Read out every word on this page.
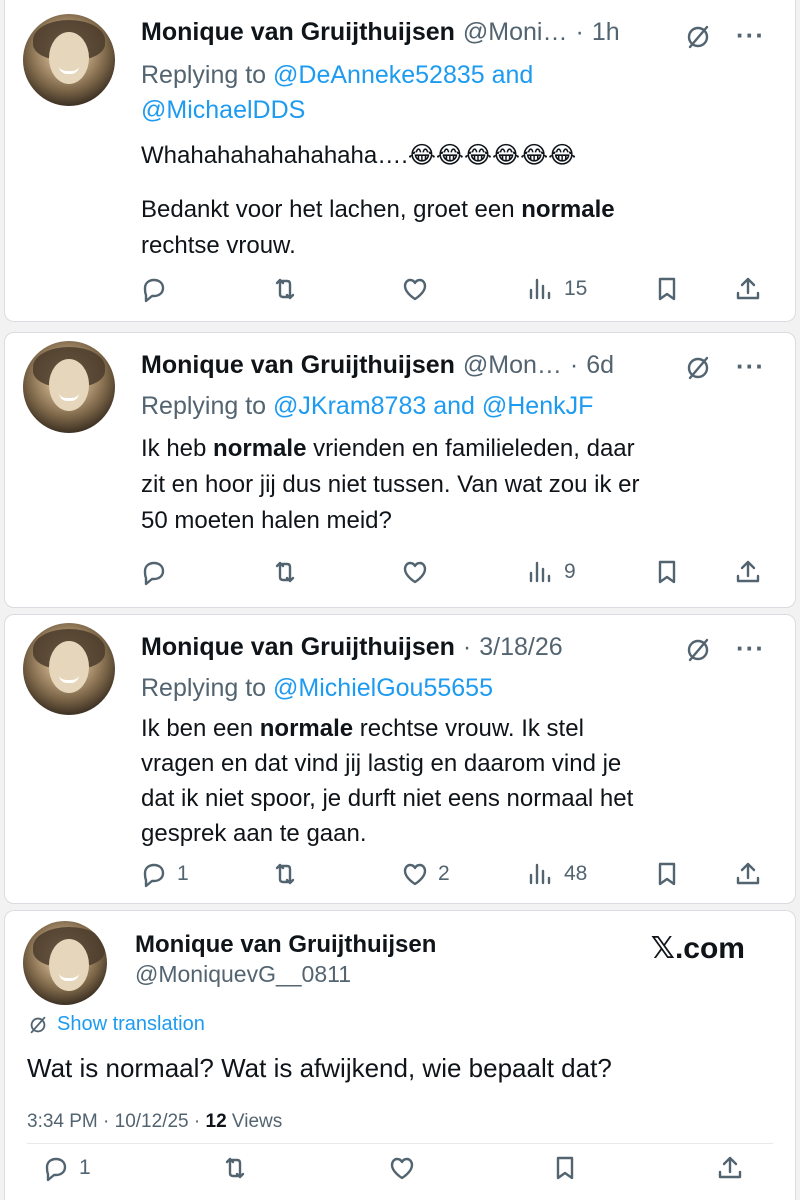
Monique van Gruijthuijsen @Moni… · 1h	···
Replying to @DeAnneke52835 and
@MichaelDDS
Whahahahahahahaha….😂😂😂😂😂😂
Bedankt voor het lachen, groet een normale
rechtse vrouw.
15
Monique van Gruijthuijsen @Mon… · 6d	···
Replying to @JKram8783 and @HenkJF
Ik heb normale vrienden en familieleden, daar
zit en hoor jij dus niet tussen. Van wat zou ik er
50 moeten halen meid?
9
Monique van Gruijthuijsen · 3/18/26	···
Replying to @MichielGou55655
Ik ben een normale rechtse vrouw. Ik stel
vragen en dat vind jij lastig en daarom vind je
dat ik niet spoor, je durft niet eens normaal het
gesprek aan te gaan.
1	2	48
Monique van Gruijthuijsen
@MoniquevG__0811
𝕏.com
Show translation
Wat is normaal? Wat is afwijkend, wie bepaalt dat?
3:34 PM · 10/12/25 · 12 Views
1
